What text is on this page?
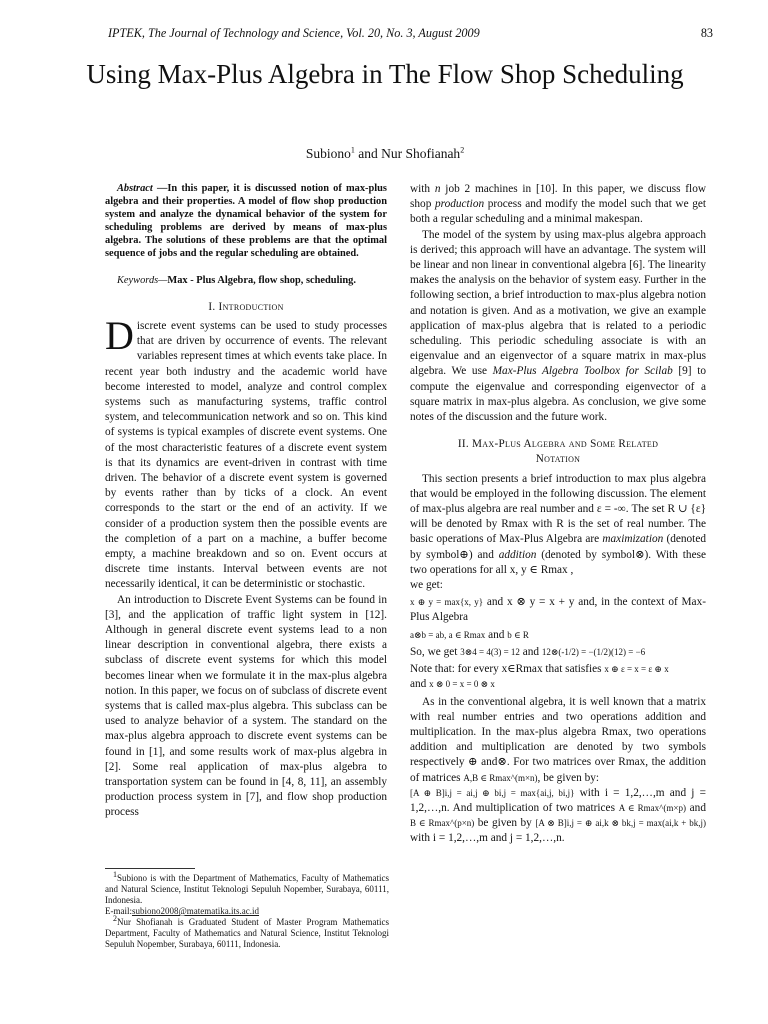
IPTEK, The Journal of Technology and Science, Vol. 20, No. 3, August 2009	83
Using Max-Plus Algebra in The Flow Shop Scheduling
Subiono$^1$ and Nur Shofianah$^2$

Abstract —In this paper, it is discussed notion of max-plus algebra and their properties. A model of flow shop production system and analyze the dynamical behavior of the system for scheduling problems are derived by means of max-plus algebra. The solutions of these problems are that the optimal sequence of jobs and the regular scheduling are obtained.

Keywords—Max - Plus Algebra, flow shop, scheduling.

I. Introduction

Discrete event systems can be used to study processes that are driven by occurrence of events. The relevant variables represent times at which events take place. In recent year both industry and the academic world have become interested to model, analyze and control complex systems such as manufacturing systems, traffic control system, and telecommunication network and so on. This kind of systems is typical examples of discrete event systems. One of the most characteristic features of a discrete event system is that its dynamics are event-driven in contrast with time driven. The behavior of a discrete event system is governed by events rather than by ticks of a clock. An event corresponds to the start or the end of an activity. If we consider of a production system then the possible events are the completion of a part on a machine, a buffer become empty, a machine breakdown and so on. Event occurs at discrete time instants. Interval between events are not necessarily identical, it can be deterministic or stochastic.

An introduction to Discrete Event Systems can be found in [3], and the application of traffic light system in [12]. Although in general discrete event systems lead to a non linear description in conventional algebra, there exists a subclass of discrete event systems for which this model becomes linear when we formulate it in the max-plus algebra notion. In this paper, we focus on of subclass of discrete event systems that is called max-plus algebra. This subclass can be used to analyze behavior of a system. The standard on the max-plus algebra approach to discrete event systems can be found in [1], and some results work of max-plus algebra in [2]. Some real application of max-plus algebra to transportation system can be found in [4, 8, 11], an assembly production process system in [7], and flow shop production process

with n job 2 machines in [10]. In this paper, we discuss flow shop production process and modify the model such that we get both a regular scheduling and a minimal makespan.

The model of the system by using max-plus algebra approach is derived; this approach will have an advantage. The system will be linear and non linear in conventional algebra [6]. The linearity makes the analysis on the behavior of system easy. Further in the following section, a brief introduction to max-plus algebra notion and notation is given. And as a motivation, we give an example application of max-plus algebra that is related to a periodic scheduling. This periodic scheduling associate is with an eigenvalue and an eigenvector of a square matrix in max-plus algebra. We use Max-Plus Algebra Toolbox for Scilab [9] to compute the eigenvalue and corresponding eigenvector of a square matrix in max-plus algebra. As conclusion, we give some notes of the discussion and the future work.

II. Max-Plus Algebra and Some Related
Notation

This section presents a brief introduction to max plus algebra that would be employed in the following discussion. The element of max-plus algebra are real number and ε = -∞. The set R ∪ {ε} will be denoted by Rmax with R is the set of real number. The basic operations of Max-Plus Algebra are maximization (denoted by symbol⊕) and addition (denoted by symbol⊗). With these two operations for all x, y ∈ Rmax ,

we get:

x ⊕ y = max{x, y} and x ⊗ y = x + y and, in the context of Max-Plus Algebra

a⊗b = ab, a ∈ Rmax and b ∈ R

So, we get 3⊗4 = 4(3) = 12 and 12⊗(-1/2) = −(1/2)(12) = −6

Note that: for every x∈Rmax that satisfies x ⊕ ε = x = ε ⊕ x
and x ⊗ 0 = x = 0 ⊗ x

As in the conventional algebra, it is well known that a matrix with real number entries and two operations addition and multiplication. In the max-plus algebra Rmax, two operations addition and multiplication are denoted by two symbols respectively ⊕ and⊗. For two matrices over Rmax, the addition of matrices A,B ∈ Rmax^(m×n), be given by:

[A ⊕ B]i,j = ai,j ⊕ bi,j = max{ai,j, bi,j} with i = 1,2,…,m and j = 1,2,…,n. And multiplication of two matrices A ∈ Rmax^(m×p) and B ∈ Rmax^(p×n) be given by [A ⊗ B]i,j = ⊕ ai,k ⊗ bk,j = max(ai,k + bk,j) with i = 1,2,…,m and j = 1,2,…,n.

$^1$Subiono is with the Department of Mathematics, Faculty of Mathematics and Natural Science, Institut Teknologi Sepuluh Nopember, Surabaya, 60111, Indonesia.

E-mail:subiono2008@matematika.its.ac.id

$^2$Nur Shofianah is Graduated Student of Master Program Mathematics Department, Faculty of Mathematics and Natural Science, Institut Teknologi Sepuluh Nopember, Surabaya, 60111, Indonesia.
